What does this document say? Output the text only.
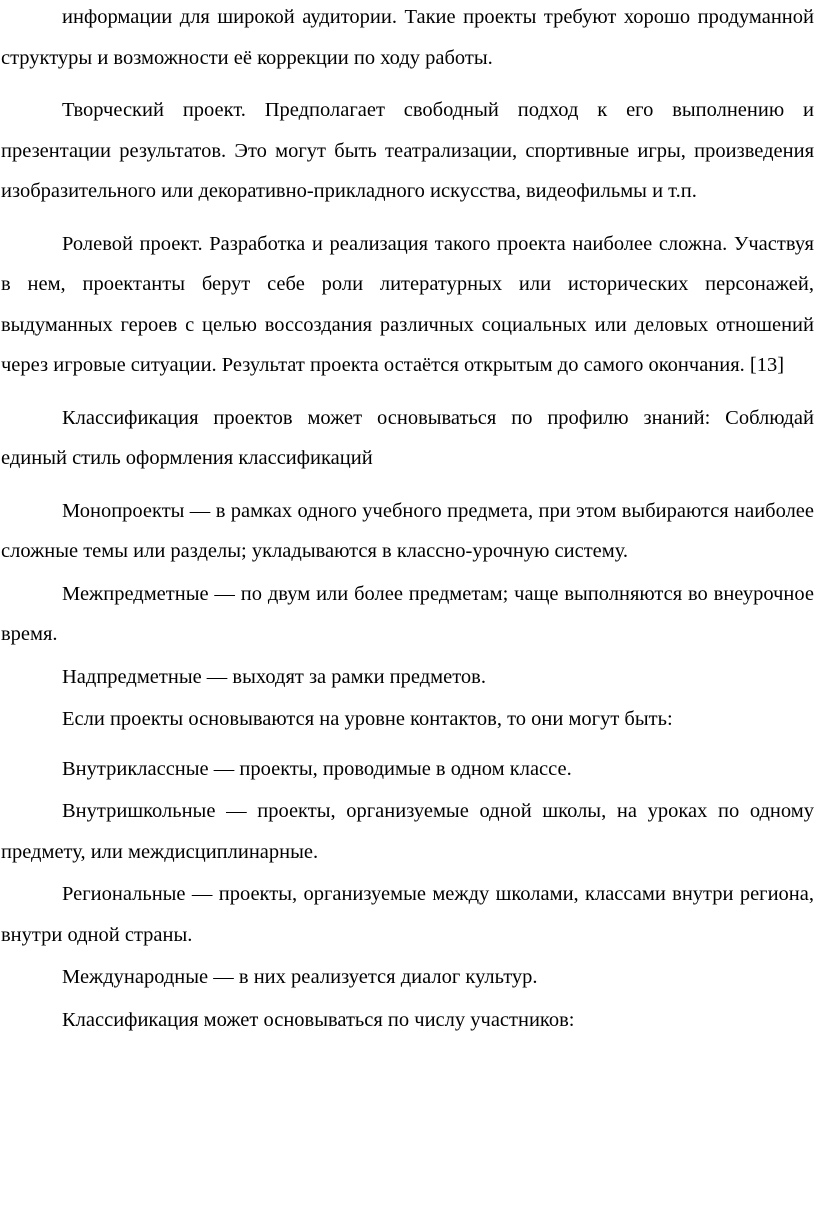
информации для широкой аудитории. Такие проекты требуют хорошо продуманной структуры и возможности её коррекции по ходу работы.

Творческий проект. Предполагает свободный подход к его выполнению и презентации результатов. Это могут быть театрализации, спортивные игры, произведения изобразительного или декоративно-прикладного искусства, видеофильмы и т.п.

Ролевой проект. Разработка и реализация такого проекта наиболее сложна. Участвуя в нем, проектанты берут себе роли литературных или исторических персонажей, выдуманных героев с целью воссоздания различных социальных или деловых отношений через игровые ситуации. Результат проекта остаётся открытым до самого окончания. [13]

Классификация проектов может основываться по профилю знаний: Соблюдай единый стиль оформления классификаций

Монопроекты — в рамках одного учебного предмета, при этом выбираются наиболее сложные темы или разделы; укладываются в классно-урочную систему.

Межпредметные — по двум или более предметам; чаще выполняются во внеурочное время.

Надпредметные — выходят за рамки предметов.

Если проекты основываются на уровне контактов, то они могут быть:

Внутриклассные — проекты, проводимые в одном классе.

Внутришкольные — проекты, организуемые одной школы, на уроках по одному предмету, или междисциплинарные.

Региональные — проекты, организуемые между школами, классами внутри региона, внутри одной страны.

Международные — в них реализуется диалог культур.

Классификация может основываться по числу участников:
